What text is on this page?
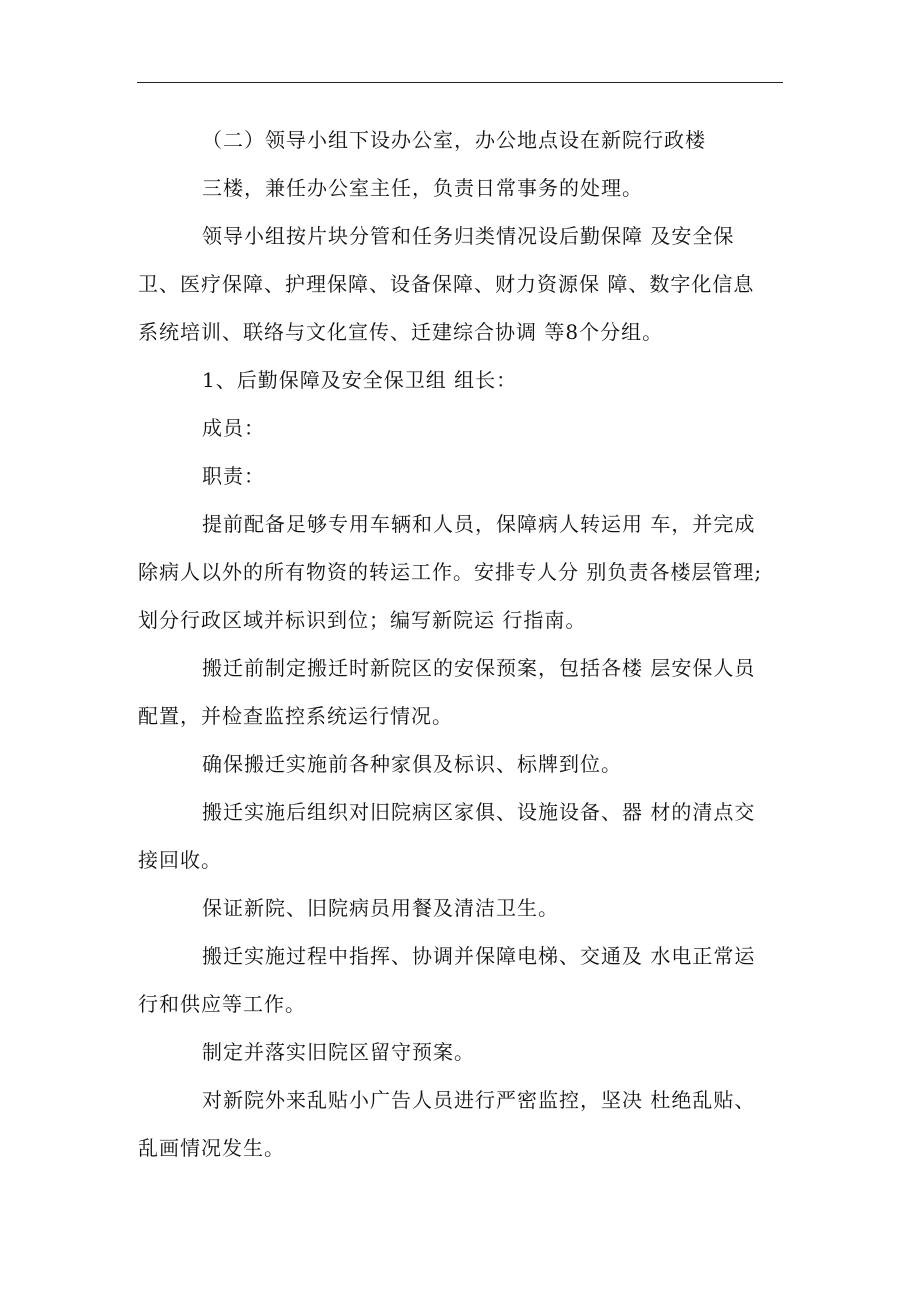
（二）领导小组下设办公室，办公地点设在新院行政楼
三楼，兼任办公室主任，负责日常事务的处理。
领导小组按片块分管和任务归类情况设后勤保障 及安全保
卫、医疗保障、护理保障、设备保障、财力资源保 障、数字化信息
系统培训、联络与文化宣传、迁建综合协调 等8个分组。
1、后勤保障及安全保卫组 组长：
成员：
职责：
提前配备足够专用车辆和人员，保障病人转运用 车，并完成
除病人以外的所有物资的转运工作。安排专人分 别负责各楼层管理;
划分行政区域并标识到位；编写新院运 行指南。
搬迁前制定搬迁时新院区的安保预案，包括各楼 层安保人员
配置，并检查监控系统运行情况。
确保搬迁实施前各种家俱及标识、标牌到位。
搬迁实施后组织对旧院病区家俱、设施设备、器 材的清点交
接回收。
保证新院、旧院病员用餐及清洁卫生。
搬迁实施过程中指挥、协调并保障电梯、交通及 水电正常运
行和供应等工作。
制定并落实旧院区留守预案。
对新院外来乱贴小广告人员进行严密监控，坚决 杜绝乱贴、
乱画情况发生。
